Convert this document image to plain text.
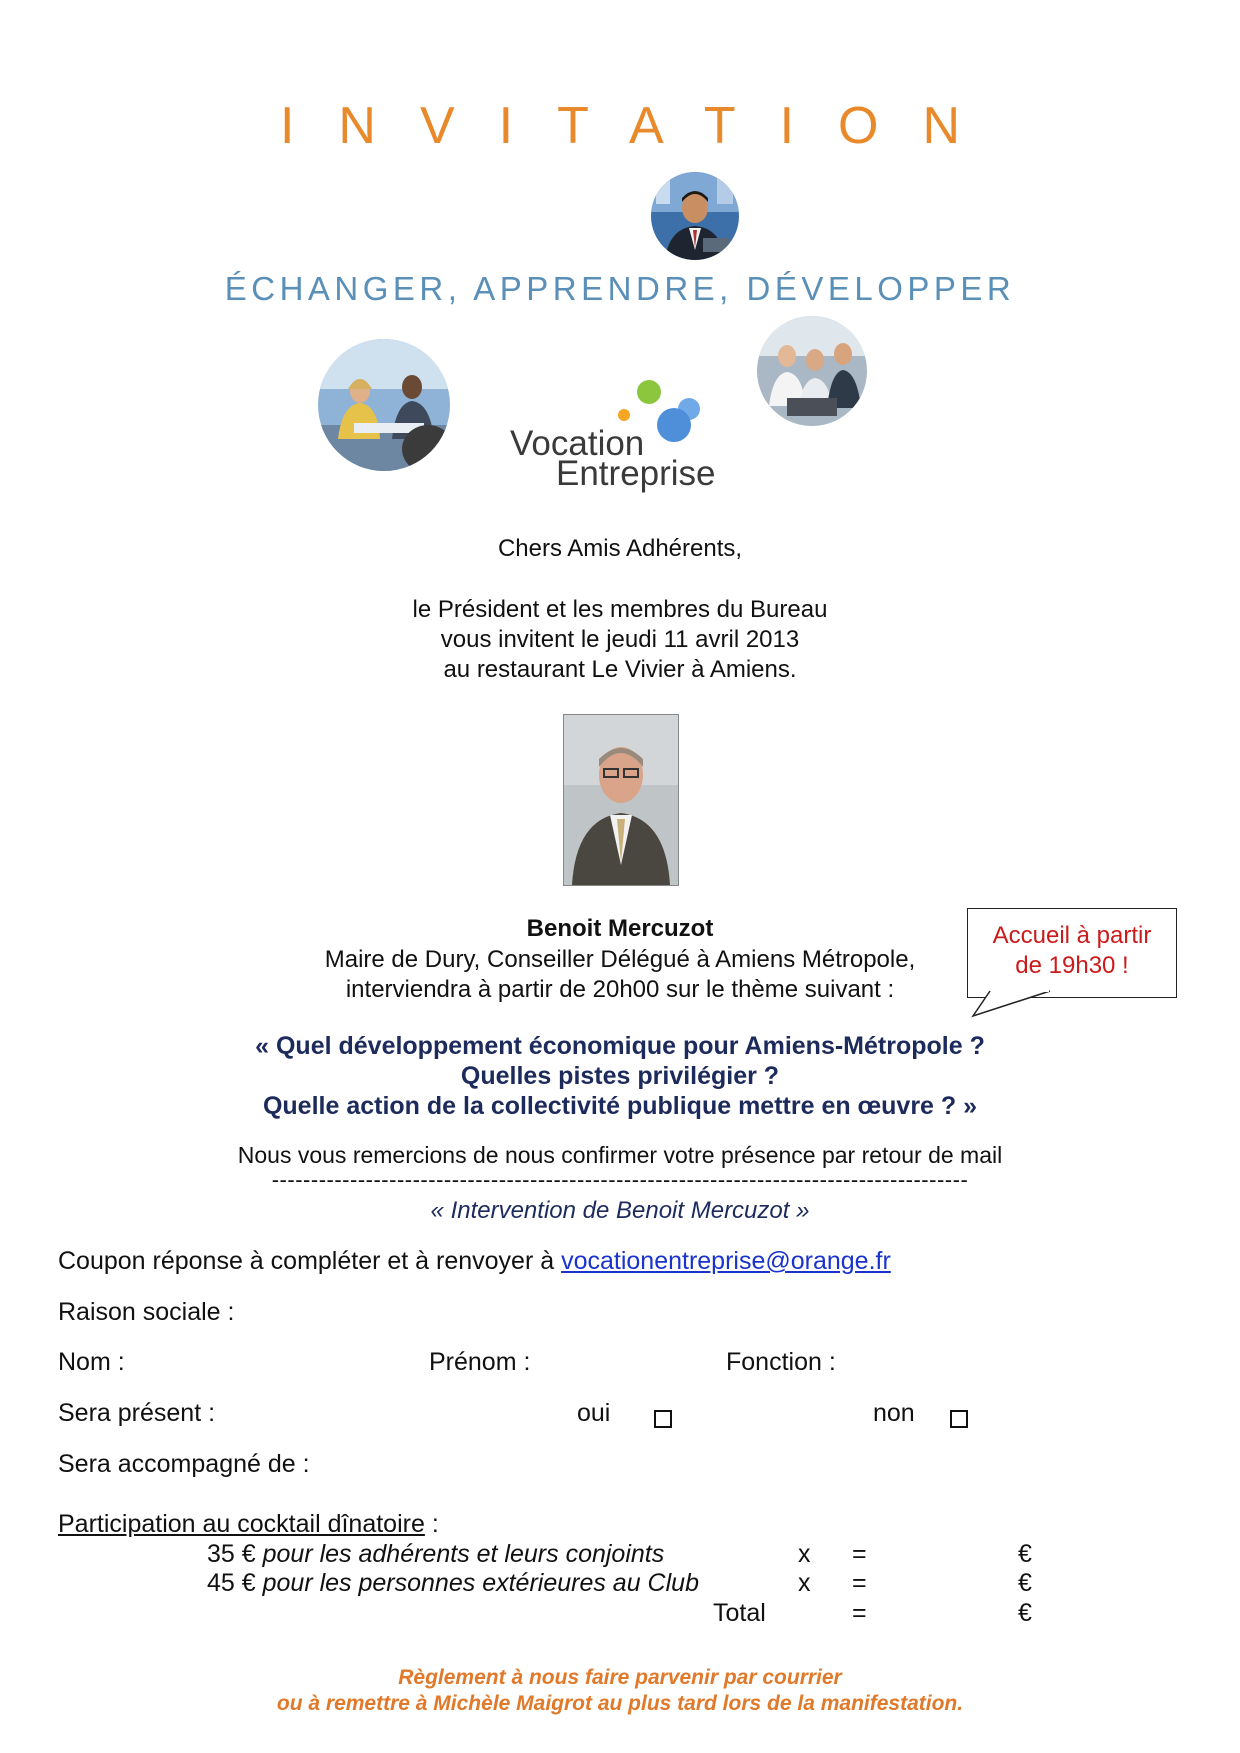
INVITATION
ÉCHANGER, APPRENDRE, DÉVELOPPER
Vocation
Entreprise
Chers Amis Adhérents,
le Président et les membres du Bureau
vous invitent le jeudi 11 avril 2013
au restaurant Le Vivier à Amiens.
Benoit Mercuzot
Maire de Dury, Conseiller Délégué à Amiens Métropole,
interviendra à partir de 20h00 sur le thème suivant :
Accueil à partir
de 19h30 !
« Quel développement économique pour Amiens-Métropole ?
Quelles pistes privilégier ?
Quelle action de la collectivité publique mettre en œuvre ? »
Nous vous remercions de nous confirmer votre présence par retour de mail
-----------------------------------------------------------------------------------------
« Intervention de Benoit Mercuzot »
Coupon réponse à compléter et à renvoyer à vocationentreprise@orange.fr
Raison sociale :
Nom :	Prénom :	Fonction :
Sera présent :	oui	non
Sera accompagné de :
Participation au cocktail dînatoire :
35 € pour les adhérents et leurs conjoints	x =	€
45 € pour les personnes extérieures au Club	x =	€
Total	=	€
Règlement à nous faire parvenir par courrier
ou à remettre à Michèle Maigrot au plus tard lors de la manifestation.
